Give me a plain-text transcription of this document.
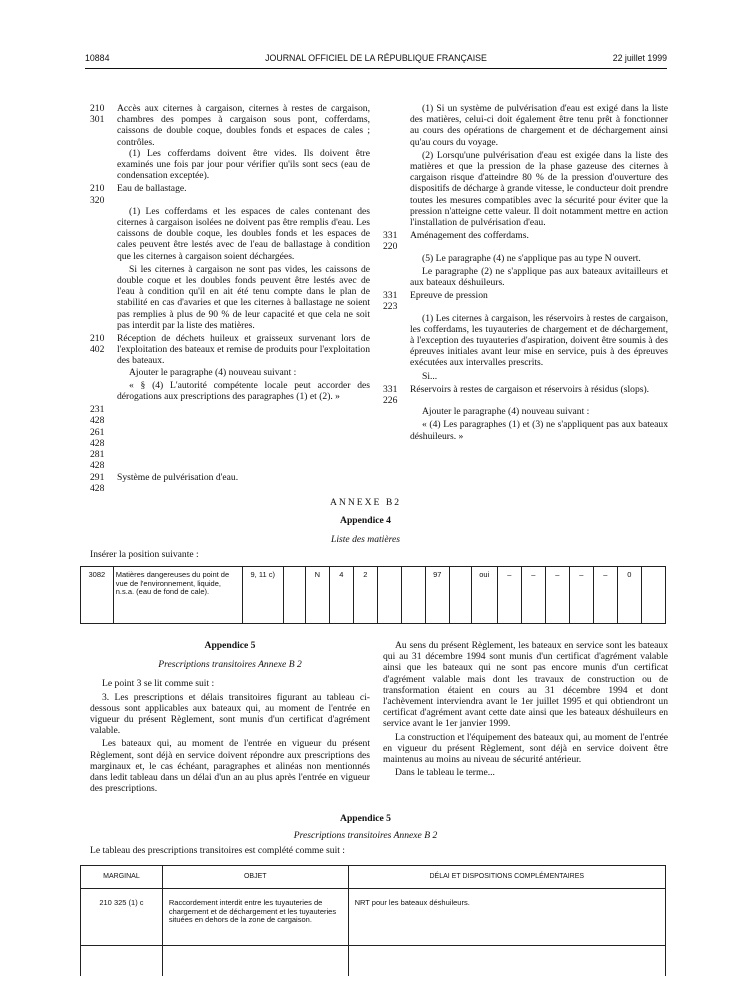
10884	JOURNAL OFFICIEL DE LA RÉPUBLIQUE FRANÇAISE	22 juillet 1999
210 301
Accès aux citernes à cargaison, citernes à restes de cargaison, chambres des pompes à cargaison sous pont, cofferdams, caissons de double coque, doubles fonds et espaces de cales ; contrôles.

(1) Les cofferdams doivent être vides. Ils doivent être examinés une fois par jour pour vérifier qu'ils sont secs (eau de condensation exceptée).

210 320
Eau de ballastage.

(1) Les cofferdams et les espaces de cales contenant des citernes à cargaison isolées ne doivent pas être remplis d'eau. Les caissons de double coque, les doubles fonds et les espaces de cales peuvent être lestés avec de l'eau de ballastage à condition que les citernes à cargaison soient déchargées.

Si les citernes à cargaison ne sont pas vides, les caissons de double coque et les doubles fonds peuvent être lestés avec de l'eau à condition qu'il en ait été tenu compte dans le plan de stabilité en cas d'avaries et que les citernes à ballastage ne soient pas remplies à plus de 90 % de leur capacité et que cela ne soit pas interdit par la liste des matières.

210 402
Réception de déchets huileux et graisseux survenant lors de l'exploitation des bateaux et remise de produits pour l'exploitation des bateaux.

Ajouter le paragraphe (4) nouveau suivant :

« § (4) L'autorité compétente locale peut accorder des dérogations aux prescriptions des paragraphes (1) et (2). »

231 428
261 428
281 428
291 428
Système de pulvérisation d'eau.

(1) Si un système de pulvérisation d'eau est exigé dans la liste des matières, celui-ci doit également être tenu prêt à fonctionner au cours des opérations de chargement et de déchargement ainsi qu'au cours du voyage.

(2) Lorsqu'une pulvérisation d'eau est exigée dans la liste des matières et que la pression de la phase gazeuse des citernes à cargaison risque d'atteindre 80 % de la pression d'ouverture des dispositifs de décharge à grande vitesse, le conducteur doit prendre toutes les mesures compatibles avec la sécurité pour éviter que la pression n'atteigne cette valeur. Il doit notamment mettre en action l'installation de pulvérisation d'eau.

331 220
Aménagement des cofferdams.

(5) Le paragraphe (4) ne s'applique pas au type N ouvert.

Le paragraphe (2) ne s'applique pas aux bateaux avitailleurs et aux bateaux déshuileurs.

331 223
Epreuve de pression

(1) Les citernes à cargaison, les réservoirs à restes de cargaison, les cofferdams, les tuyauteries de chargement et de déchargement, à l'exception des tuyauteries d'aspiration, doivent être soumis à des épreuves initiales avant leur mise en service, puis à des épreuves exécutées aux intervalles prescrits.

Si...

331 226
Réservoirs à restes de cargaison et réservoirs à résidus (slops).

Ajouter le paragraphe (4) nouveau suivant :

« (4) Les paragraphes (1) et (3) ne s'appliquent pas aux bateaux déshuileurs. »

ANNEXE B2
Appendice 4
Liste des matières
Insérer la position suivante :
3082	Matières dangereuses du point de vue de l'environnement, liquide, n.s.a. (eau de fond de cale).	9, 11 c)		N	4	2			97		oui	–	–	–	–	–	0	

Appendice 5

Prescriptions transitoires Annexe B 2

Le point 3 se lit comme suit :

3. Les prescriptions et délais transitoires figurant au tableau ci-dessous sont applicables aux bateaux qui, au moment de l'entrée en vigueur du présent Règlement, sont munis d'un certificat d'agrément valable.

Les bateaux qui, au moment de l'entrée en vigueur du présent Règlement, sont déjà en service doivent répondre aux prescriptions des marginaux et, le cas échéant, paragraphes et alinéas non mentionnés dans ledit tableau dans un délai d'un an au plus après l'entrée en vigueur des prescriptions.

Au sens du présent Règlement, les bateaux en service sont les bateaux qui au 31 décembre 1994 sont munis d'un certificat d'agrément valable ainsi que les bateaux qui ne sont pas encore munis d'un certificat d'agrément valable mais dont les travaux de construction ou de transformation étaient en cours au 31 décembre 1994 et dont l'achèvement interviendra avant le 1er juillet 1995 et qui obtiendront un certificat d'agrément avant cette date ainsi que les bateaux déshuileurs en service avant le 1er janvier 1999.

La construction et l'équipement des bateaux qui, au moment de l'entrée en vigueur du présent Règlement, sont déjà en service doivent être maintenus au moins au niveau de sécurité antérieur.

Dans le tableau le terme...

Appendice 5
Prescriptions transitoires Annexe B 2
Le tableau des prescriptions transitoires est complété comme suit :
MARGINAL	OBJET	DÉLAI ET DISPOSITIONS COMPLÉMENTAIRES
210 325 (1) c	Raccordement interdit entre les tuyauteries de chargement et de déchargement et les tuyauteries situées en dehors de la zone de cargaison.	NRT pour les bateaux déshuileurs.
